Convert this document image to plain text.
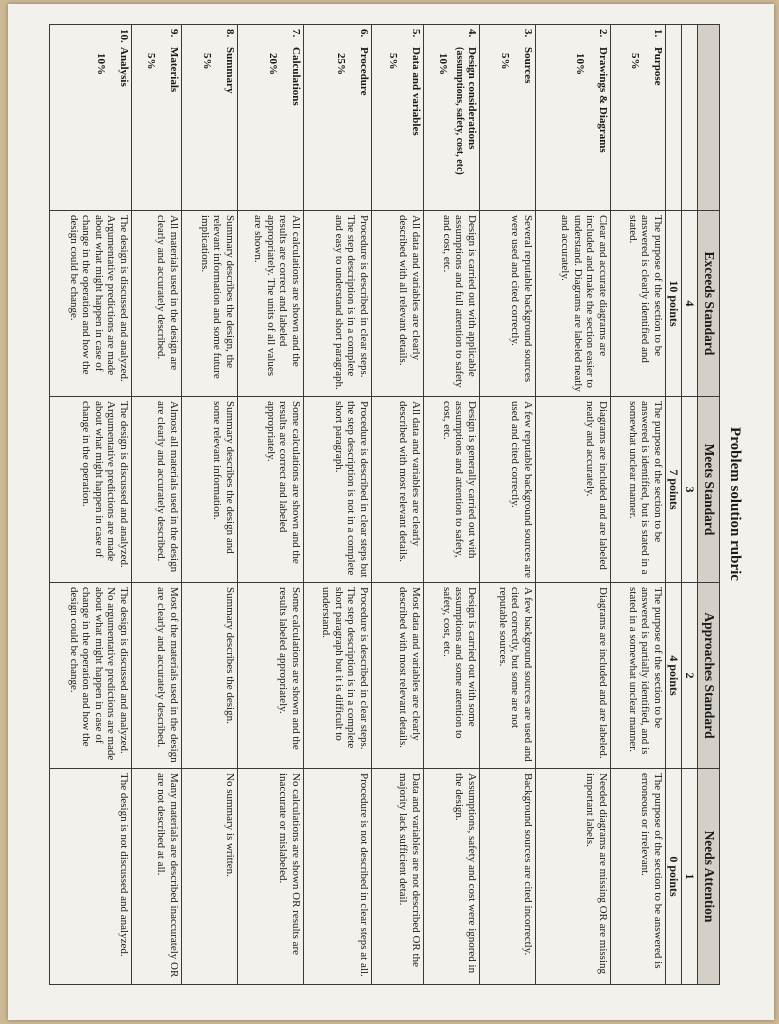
Problem solution rubric
	Exceeds Standard	Meets Standard	Approaches Standard	Needs Attention
	4	3	2	1
	10 points	7 points	4 points	0 points

1.Purpose
5%	The purpose of the section to be answered is clearly identified and stated.	The purpose of the section to be answered is identified, but is stated in a somewhat unclear manner.	The purpose of the section to be answered is partially identified, and is stated in a somewhat unclear manner.	The purpose of the section to be answered is erroneous or irrelevant.

2.Drawings & Diagrams
10%	Clear and accurate diagrams are included and make the section easier to understand. Diagrams are labeled neatly and accurately.	Diagrams are included and are labeled neatly and accurately.	Diagrams are included and are labeled.	Needed diagrams are missing OR are missing important labels.

3.Sources
5%	Several reputable background sources were used and cited correctly.	A few reputable background sources are used and cited correctly.	A few background sources are used and cited correctly, but some are not reputable sources.	Background sources are cited incorrectly.

4.Design considerations
(assumptions, safety, cost, etc)
10%	Design is carried out with applicable assumptions and full attention to safety and cost, etc.	Design is generally carried out with assumptions and attention to safety, cost, etc.	Design is carried out with some assumptions and some attention to safety, cost, etc.	Assumptions, safety and cost were ignored in the design.

5.Data and variables
5%	All data and variables are clearly described with all relevant details.	All data and variables are clearly described with most relevant details.	Most data and variables are clearly described with most relevant details.	Data and variables are not described OR the majority lack sufficient detail.

6.Procedure
25%	Procedure is described in clear steps. The step description is in a complete and easy to understand short paragraph.	Procedure is described in clear steps but the step description is not in a complete short paragraph.	Procedure is described in clear steps. The step description is in a complete short paragraph but it is difficult to understand.	Procedure is not described in clear steps at all.

7.Calculations
20%	All calculations are shown and the results are correct and labeled appropriately. The units of all values are shown.	Some calculations are shown and the results are correct and labeled appropriately.	Some calculations are shown and the results labeled appropriately.	No calculations are shown OR results are inaccurate or mislabeled.

8.Summary
5%	Summary describes the design, the relevant information and some future implications.	Summary describes the design and some relevant information.	Summary describes the design.	No summary is written.

9.Materials
5%	All materials used in the design are clearly and accurately described.	Almost all materials used in the design are clearly and accurately described.	Most of the materials used in the design are clearly and accurately described.	Many materials are described inaccurately OR are not described at all.

10.Analysis
10%	The design is discussed and analyzed. Argumentative predictions are made about what might happen in case of change in the operation and how the design could be change.	The design is discussed and analyzed. Argumentative predictions are made about what might happen in case of change in the operation.	The design is discussed and analyzed. No argumentative predictions are made about what might happen in case of change in the operation and how the design could be change.	The design is not discussed and analyzed.
